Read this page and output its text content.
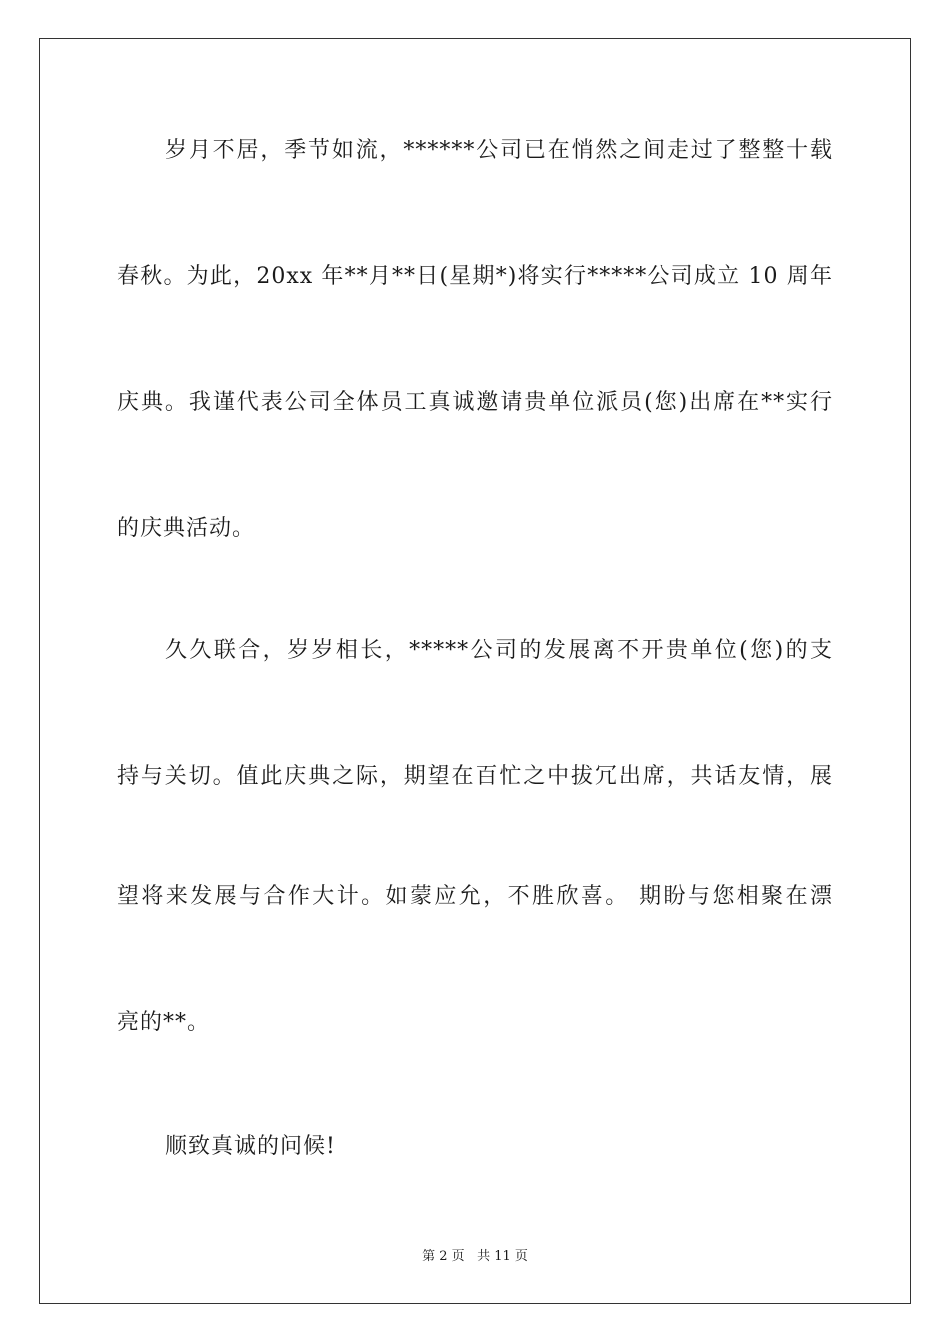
岁月不居，季节如流，******公司已在悄然之间走过了整整十载
春秋。为此，20xx 年**月**日(星期*)将实行*****公司成立 10 周年
庆典。我谨代表公司全体员工真诚邀请贵单位派员(您)出席在**实行
的庆典活动。
久久联合，岁岁相长，*****公司的发展离不开贵单位(您)的支
持与关切。值此庆典之际，期望在百忙之中拔冗出席，共话友情，展
望将来发展与合作大计。如蒙应允，不胜欣喜。 期盼与您相聚在漂
亮的**。
顺致真诚的问候!
第 2 页 共 11 页
